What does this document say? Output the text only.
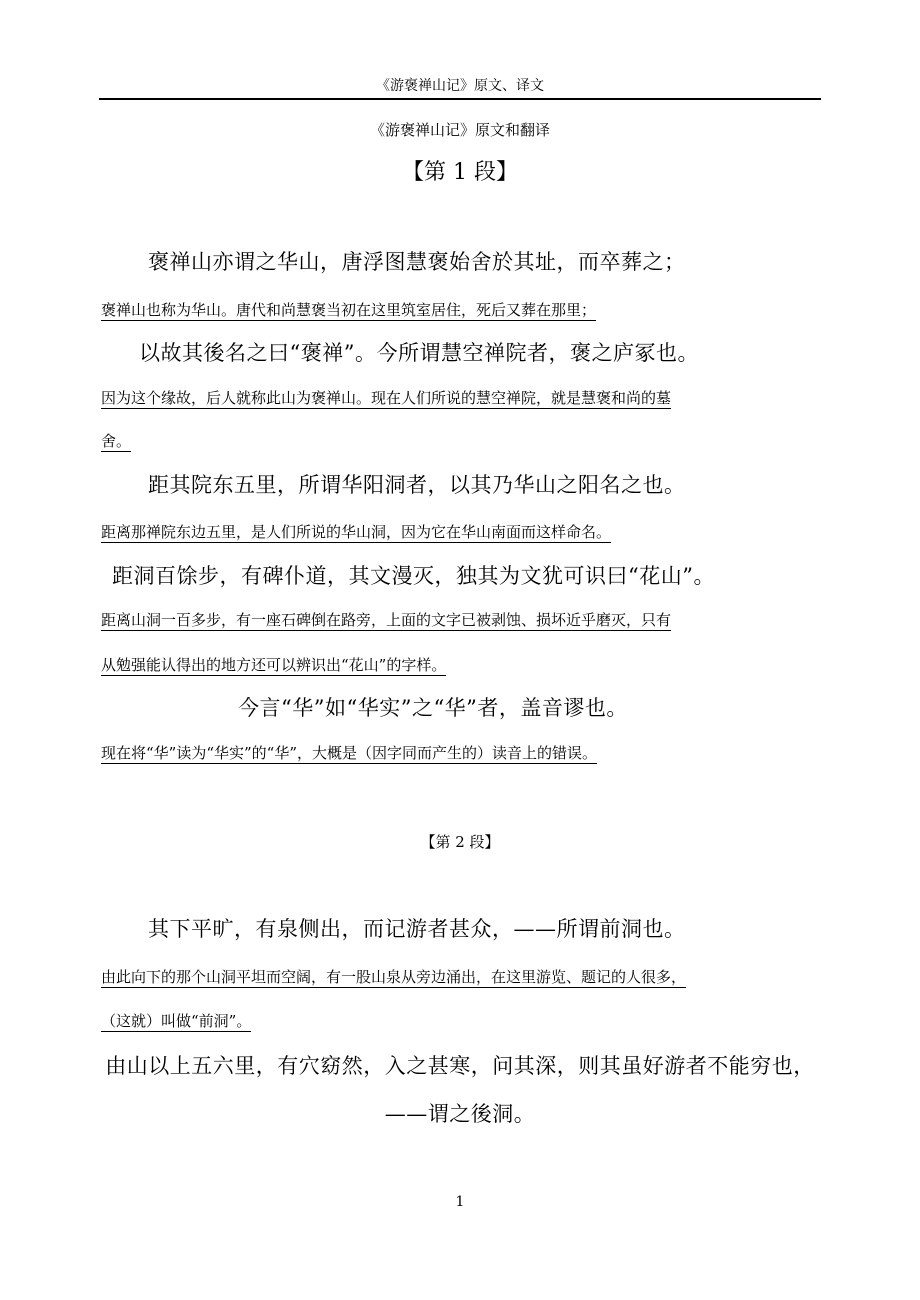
《游褒禅山记》原文、译文
《游褒禅山记》原文和翻译
【第 1 段】
褒禅山亦谓之华山，唐浮图慧褒始舍於其址，而卒葬之；
褒禅山也称为华山。唐代和尚慧褒当初在这里筑室居住，死后又葬在那里；
以故其後名之曰“褒禅”。今所谓慧空禅院者，褒之庐冢也。
因为这个缘故，后人就称此山为褒禅山。现在人们所说的慧空禅院，就是慧褒和尚的墓
舍。
距其院东五里，所谓华阳洞者，以其乃华山之阳名之也。
距离那禅院东边五里，是人们所说的华山洞，因为它在华山南面而这样命名。
距洞百馀步，有碑仆道，其文漫灭，独其为文犹可识曰“花山”。
距离山洞一百多步，有一座石碑倒在路旁，上面的文字已被剥蚀、损坏近乎磨灭，只有
从勉强能认得出的地方还可以辨识出“花山”的字样。
今言“华”如“华实”之“华”者，盖音谬也。
现在将“华”读为“华实”的“华”，大概是（因字同而产生的）读音上的错误。
【第 2 段】
其下平旷，有泉侧出，而记游者甚众，——所谓前洞也。
由此向下的那个山洞平坦而空阔，有一股山泉从旁边涌出，在这里游览、题记的人很多，
（这就）叫做“前洞”。
由山以上五六里，有穴窈然，入之甚寒，问其深，则其虽好游者不能穷也，——谓之後洞。
1
